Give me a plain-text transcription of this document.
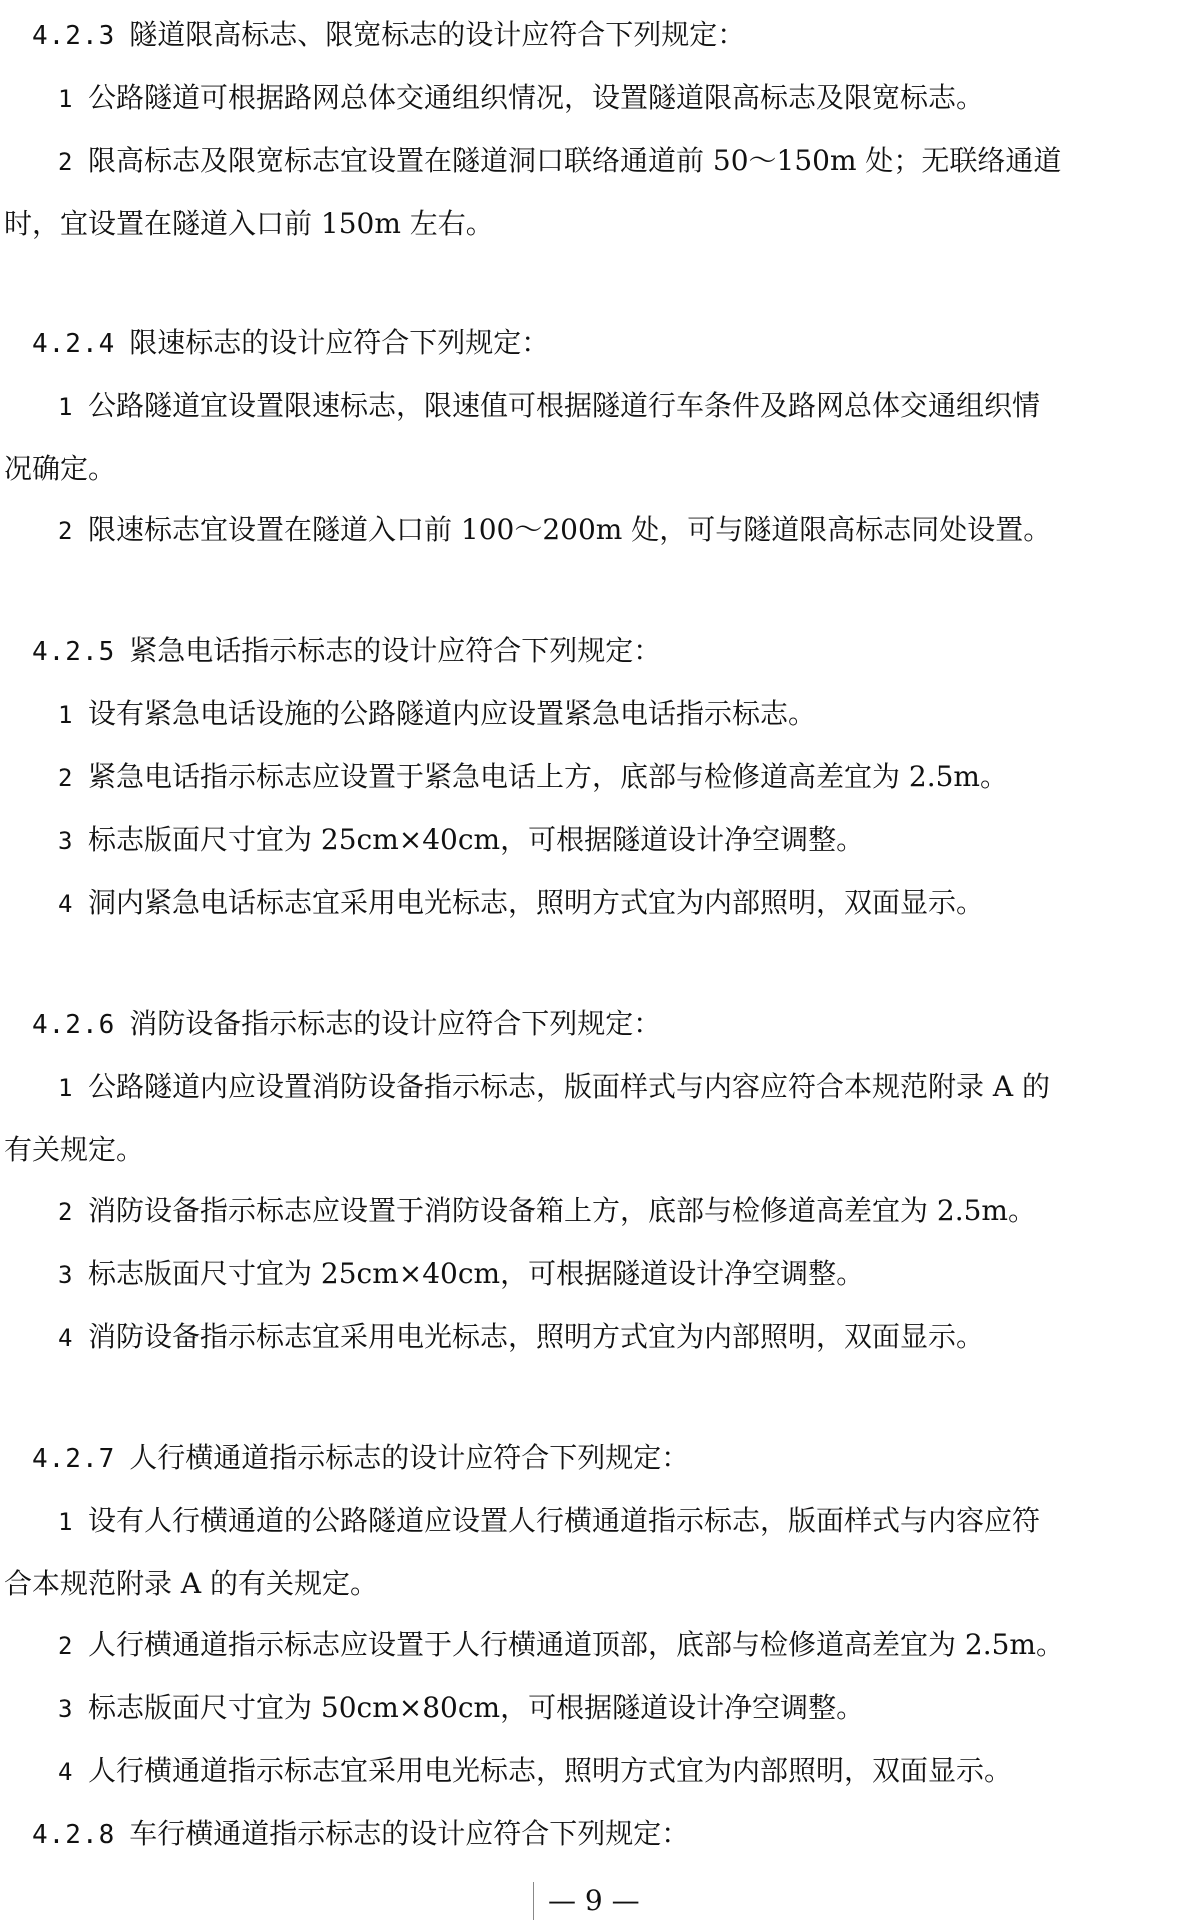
4.2.3 隧道限高标志、限宽标志的设计应符合下列规定：
1 公路隧道可根据路网总体交通组织情况，设置隧道限高标志及限宽标志。
2 限高标志及限宽标志宜设置在隧道洞口联络通道前 50～150m 处；无联络通道
时，宜设置在隧道入口前 150m 左右。
4.2.4 限速标志的设计应符合下列规定：
1 公路隧道宜设置限速标志，限速值可根据隧道行车条件及路网总体交通组织情
况确定。
2 限速标志宜设置在隧道入口前 100～200m 处，可与隧道限高标志同处设置。
4.2.5 紧急电话指示标志的设计应符合下列规定：
1 设有紧急电话设施的公路隧道内应设置紧急电话指示标志。
2 紧急电话指示标志应设置于紧急电话上方，底部与检修道高差宜为 2.5m。
3 标志版面尺寸宜为 25cm×40cm，可根据隧道设计净空调整。
4 洞内紧急电话标志宜采用电光标志，照明方式宜为内部照明，双面显示。
4.2.6 消防设备指示标志的设计应符合下列规定：
1 公路隧道内应设置消防设备指示标志，版面样式与内容应符合本规范附录 A 的
有关规定。
2 消防设备指示标志应设置于消防设备箱上方，底部与检修道高差宜为 2.5m。
3 标志版面尺寸宜为 25cm×40cm，可根据隧道设计净空调整。
4 消防设备指示标志宜采用电光标志，照明方式宜为内部照明，双面显示。
4.2.7 人行横通道指示标志的设计应符合下列规定：
1 设有人行横通道的公路隧道应设置人行横通道指示标志，版面样式与内容应符
合本规范附录 A 的有关规定。
2 人行横通道指示标志应设置于人行横通道顶部，底部与检修道高差宜为 2.5m。
3 标志版面尺寸宜为 50cm×80cm，可根据隧道设计净空调整。
4 人行横通道指示标志宜采用电光标志，照明方式宜为内部照明，双面显示。
4.2.8 车行横通道指示标志的设计应符合下列规定：
— 9 —
